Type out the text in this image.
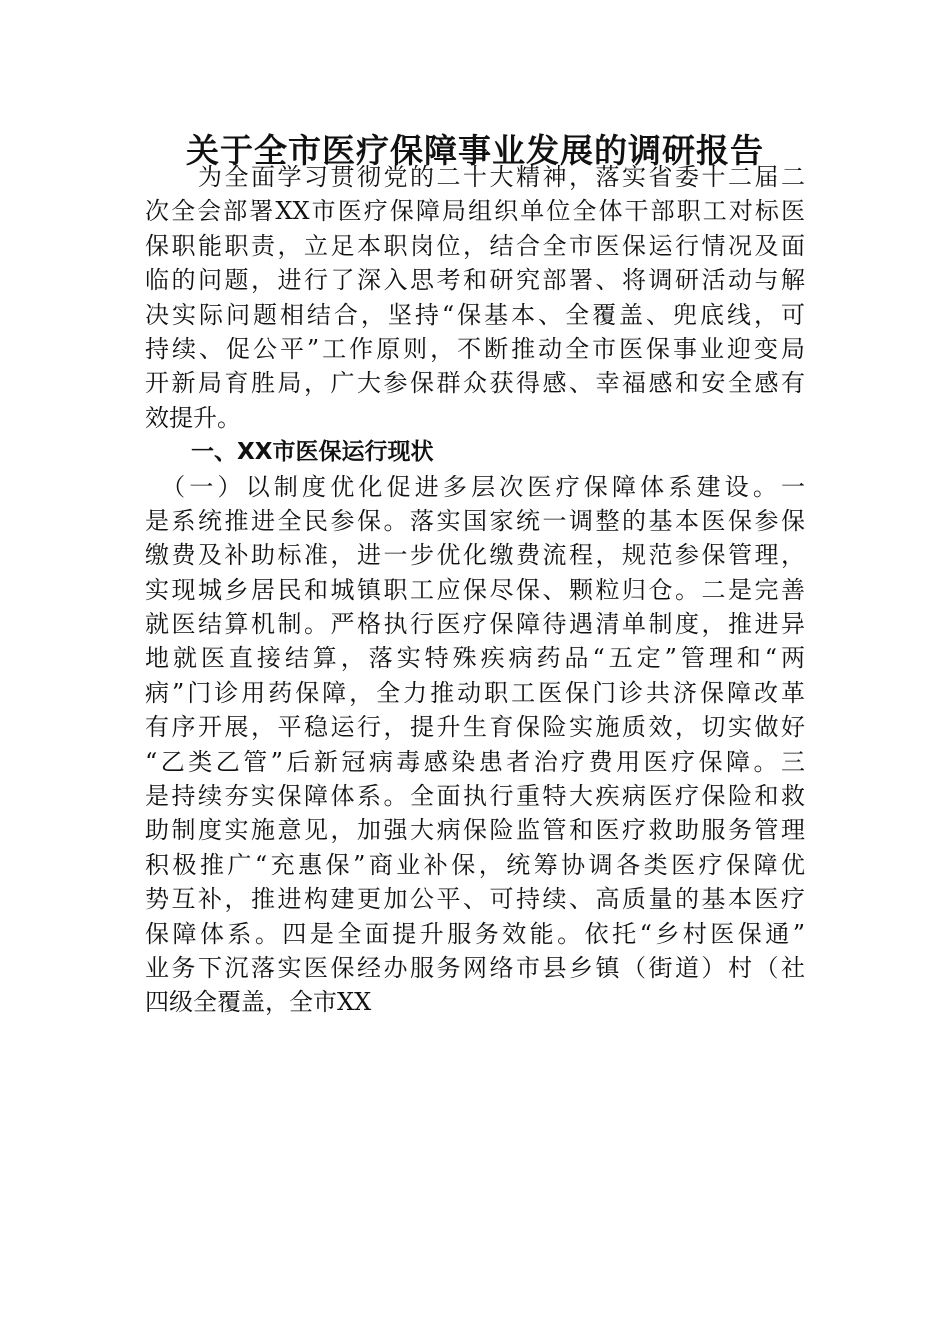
关于全市医疗保障事业发展的调研报告
　　为全面学习贯彻党的二十大精神，落实省委十二届二
次全会部署XX市医疗保障局组织单位全体干部职工对标医
保职能职责，立足本职岗位，结合全市医保运行情况及面
临的问题，进行了深入思考和研究部署、将调研活动与解
决实际问题相结合，坚持“保基本、全覆盖、兜底线，可
持续、促公平”工作原则，不断推动全市医保事业迎变局
开新局育胜局，广大参保群众获得感、幸福感和安全感有
效提升。
　　一、XX市医保运行现状
　（一）以制度优化促进多层次医疗保障体系建设。一
是系统推进全民参保。落实国家统一调整的基本医保参保
缴费及补助标准，进一步优化缴费流程，规范参保管理，
实现城乡居民和城镇职工应保尽保、颗粒归仓。二是完善
就医结算机制。严格执行医疗保障待遇清单制度，推进异
地就医直接结算，落实特殊疾病药品“五定”管理和“两
病”门诊用药保障，全力推动职工医保门诊共济保障改革
有序开展，平稳运行，提升生育保险实施质效，切实做好
“乙类乙管”后新冠病毒感染患者治疗费用医疗保障。三
是持续夯实保障体系。全面执行重特大疾病医疗保险和救
助制度实施意见，加强大病保险监管和医疗救助服务管理
积极推广“充惠保”商业补保，统筹协调各类医疗保障优
势互补，推进构建更加公平、可持续、高质量的基本医疗
保障体系。四是全面提升服务效能。依托“乡村医保通”
业务下沉落实医保经办服务网络市县乡镇（街道）村（社
四级全覆盖，全市XX
